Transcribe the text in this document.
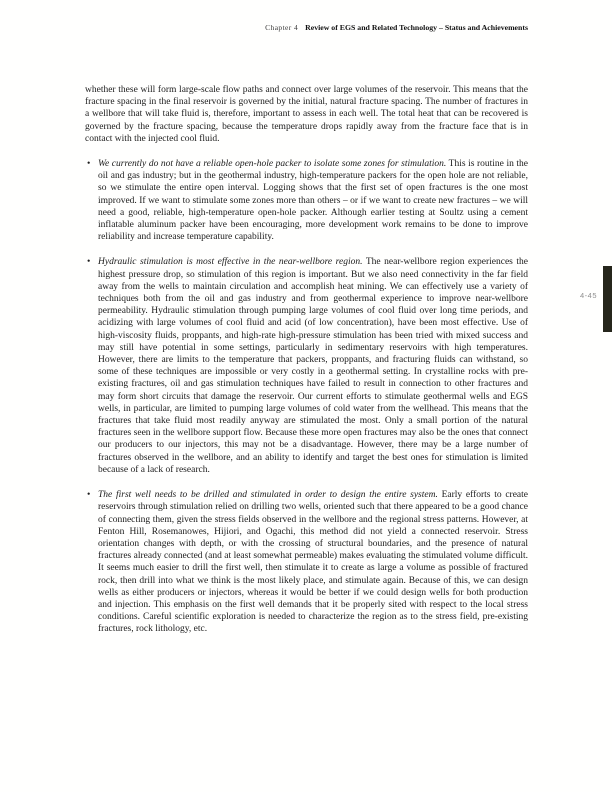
Chapter 4 Review of EGS and Related Technology – Status and Achievements
4-45

whether these will form large-scale flow paths and connect over large volumes of the reservoir. This means that the fracture spacing in the final reservoir is governed by the initial, natural fracture spacing. The number of fractures in a wellbore that will take fluid is, therefore, important to assess in each well. The total heat that can be recovered is governed by the fracture spacing, because the temperature drops rapidly away from the fracture face that is in contact with the injected cool fluid.

• We currently do not have a reliable open-hole packer to isolate some zones for stimulation. This is routine in the oil and gas industry; but in the geothermal industry, high-temperature packers for the open hole are not reliable, so we stimulate the entire open interval. Logging shows that the first set of open fractures is the one most improved. If we want to stimulate some zones more than others – or if we want to create new fractures – we will need a good, reliable, high-temperature open-hole packer. Although earlier testing at Soultz using a cement inflatable aluminum packer have been encouraging, more development work remains to be done to improve reliability and increase temperature capability.

• Hydraulic stimulation is most effective in the near-wellbore region. The near-wellbore region experiences the highest pressure drop, so stimulation of this region is important. But we also need connectivity in the far field away from the wells to maintain circulation and accomplish heat mining. We can effectively use a variety of techniques both from the oil and gas industry and from geothermal experience to improve near-wellbore permeability. Hydraulic stimulation through pumping large volumes of cool fluid over long time periods, and acidizing with large volumes of cool fluid and acid (of low concentration), have been most effective. Use of high-viscosity fluids, proppants, and high-rate high-pressure stimulation has been tried with mixed success and may still have potential in some settings, particularly in sedimentary reservoirs with high temperatures. However, there are limits to the temperature that packers, proppants, and fracturing fluids can withstand, so some of these techniques are impossible or very costly in a geothermal setting. In crystalline rocks with pre-existing fractures, oil and gas stimulation techniques have failed to result in connection to other fractures and may form short circuits that damage the reservoir. Our current efforts to stimulate geothermal wells and EGS wells, in particular, are limited to pumping large volumes of cold water from the wellhead. This means that the fractures that take fluid most readily anyway are stimulated the most. Only a small portion of the natural fractures seen in the wellbore support flow. Because these more open fractures may also be the ones that connect our producers to our injectors, this may not be a disadvantage. However, there may be a large number of fractures observed in the wellbore, and an ability to identify and target the best ones for stimulation is limited because of a lack of research.

• The first well needs to be drilled and stimulated in order to design the entire system. Early efforts to create reservoirs through stimulation relied on drilling two wells, oriented such that there appeared to be a good chance of connecting them, given the stress fields observed in the wellbore and the regional stress patterns. However, at Fenton Hill, Rosemanowes, Hijiori, and Ogachi, this method did not yield a connected reservoir. Stress orientation changes with depth, or with the crossing of structural boundaries, and the presence of natural fractures already connected (and at least somewhat permeable) makes evaluating the stimulated volume difficult. It seems much easier to drill the first well, then stimulate it to create as large a volume as possible of fractured rock, then drill into what we think is the most likely place, and stimulate again. Because of this, we can design wells as either producers or injectors, whereas it would be better if we could design wells for both production and injection. This emphasis on the first well demands that it be properly sited with respect to the local stress conditions. Careful scientific exploration is needed to characterize the region as to the stress field, pre-existing fractures, rock lithology, etc.
